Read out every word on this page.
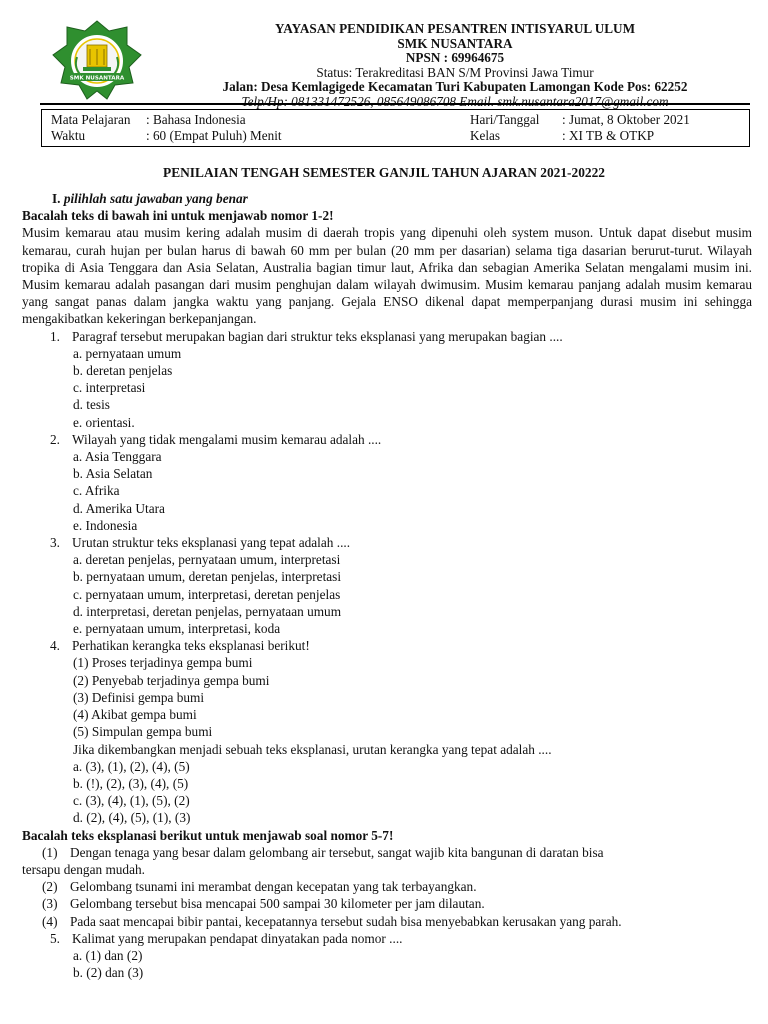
SMK NUSANTARA
YAYASAN PENDIDIKAN PESANTREN INTISYARUL ULUM
SMK NUSANTARA
NPSN : 69964675
Status: Terakreditasi BAN S/M Provinsi Jawa Timur
Jalan: Desa Kemlagigede Kecamatan Turi Kabupaten Lamongan Kode Pos: 62252
Telp/Hp: 081331472526, 085649086708 Email. smk.nusantara2017@gmail.com
Mata Pelajaran : Bahasa Indonesia
Waktu	: 60 (Empat Puluh) Menit
Hari/Tanggal : Jumat, 8 Oktober 2021
Kelas	: XI TB & OTKP
PENILAIAN TENGAH SEMESTER GANJIL TAHUN AJARAN 2021-20222
I. pilihlah satu jawaban yang benar
Bacalah teks di bawah ini untuk menjawab nomor 1-2!

Musim kemarau atau musim kering adalah musim di daerah tropis yang dipenuhi oleh system muson. Untuk dapat disebut musim kemarau, curah hujan per bulan harus di bawah 60 mm per bulan (20 mm per dasarian) selama tiga dasarian berurut-turut. Wilayah tropika di Asia Tenggara dan Asia Selatan, Australia bagian timur laut, Afrika dan sebagian Amerika Selatan mengalami musim ini. Musim kemarau adalah pasangan dari musim penghujan dalam wilayah dwimusim. Musim kemarau panjang adalah musim kemarau yang sangat panas dalam jangka waktu yang panjang. Gejala ENSO dikenal dapat memperpanjang durasi musim ini sehingga mengakibatkan kekeringan berkepanjangan.

1. Paragraf tersebut merupakan bagian dari struktur teks eksplanasi yang merupakan bagian ....
a. pernyataan umum
b. deretan penjelas
c. interpretasi
d. tesis
e. orientasi.
2. Wilayah yang tidak mengalami musim kemarau adalah ....
a. Asia Tenggara
b. Asia Selatan
c. Afrika
d. Amerika Utara
e. Indonesia
3. Urutan struktur teks eksplanasi yang tepat adalah ....
a. deretan penjelas, pernyataan umum, interpretasi
b. pernyataan umum, deretan penjelas, interpretasi
c. pernyataan umum, interpretasi, deretan penjelas
d. interpretasi, deretan penjelas, pernyataan umum
e. pernyataan umum, interpretasi, koda
4. Perhatikan kerangka teks eksplanasi berikut!
(1) Proses terjadinya gempa bumi
(2) Penyebab terjadinya gempa bumi
(3) Definisi gempa bumi
(4) Akibat gempa bumi
(5) Simpulan gempa bumi
Jika dikembangkan menjadi sebuah teks eksplanasi, urutan kerangka yang tepat adalah ....
a. (3), (1), (2), (4), (5)
b. (!), (2), (3), (4), (5)
c. (3), (4), (1), (5), (2)
d. (2), (4), (5), (1), (3)
Bacalah teks eksplanasi berikut untuk menjawab soal nomor 5-7!
(1) Dengan tenaga yang besar dalam gelombang air tersebut, sangat wajib kita bangunan di daratan bisa
tersapu dengan mudah.
(2) Gelombang tsunami ini merambat dengan kecepatan yang tak terbayangkan.
(3) Gelombang tersebut bisa mencapai 500 sampai 30 kilometer per jam dilautan.
(4) Pada saat mencapai bibir pantai, kecepatannya tersebut sudah bisa menyebabkan kerusakan yang parah.
5. Kalimat yang merupakan pendapat dinyatakan pada nomor ....
a. (1) dan (2)
b. (2) dan (3)
